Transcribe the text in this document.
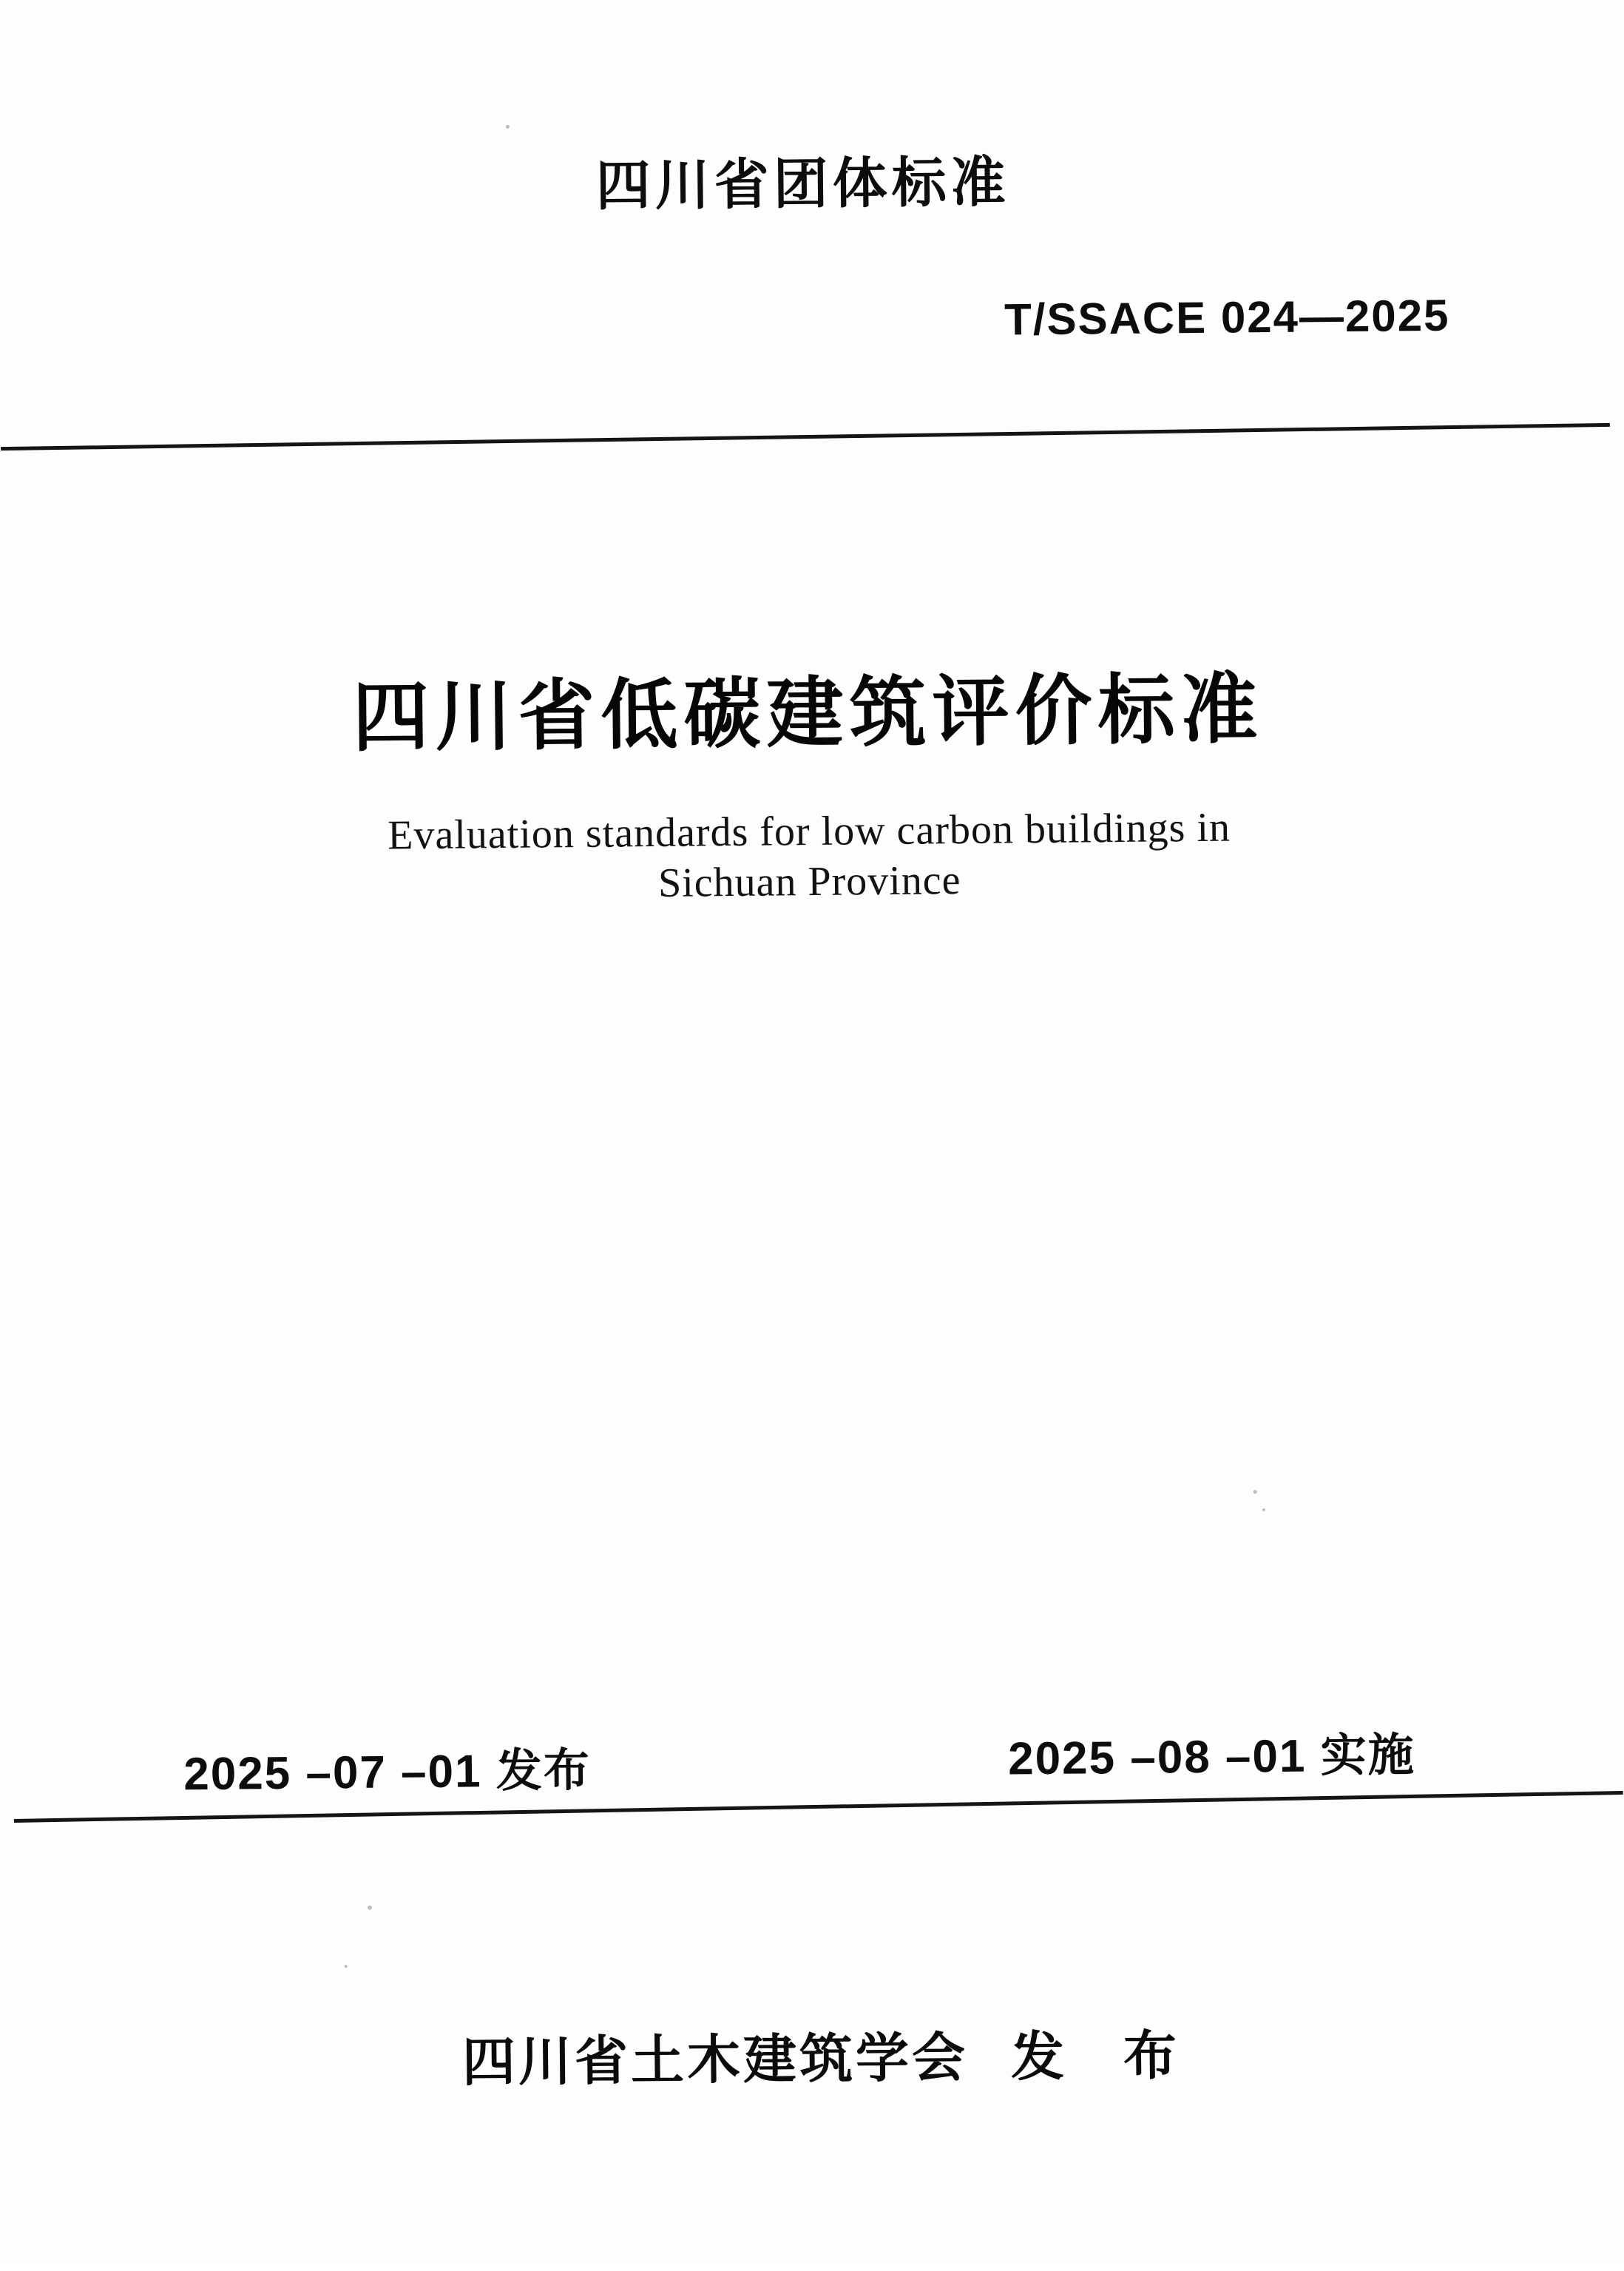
四川省团体标准
T/SSACE 024—2025
四川省低碳建筑评价标准
Evaluation standards for low carbon buildings in
Sichuan Province
2025 –07 –01 发布	2025 –08 –01 实施
四川省土木建筑学会 发　布
